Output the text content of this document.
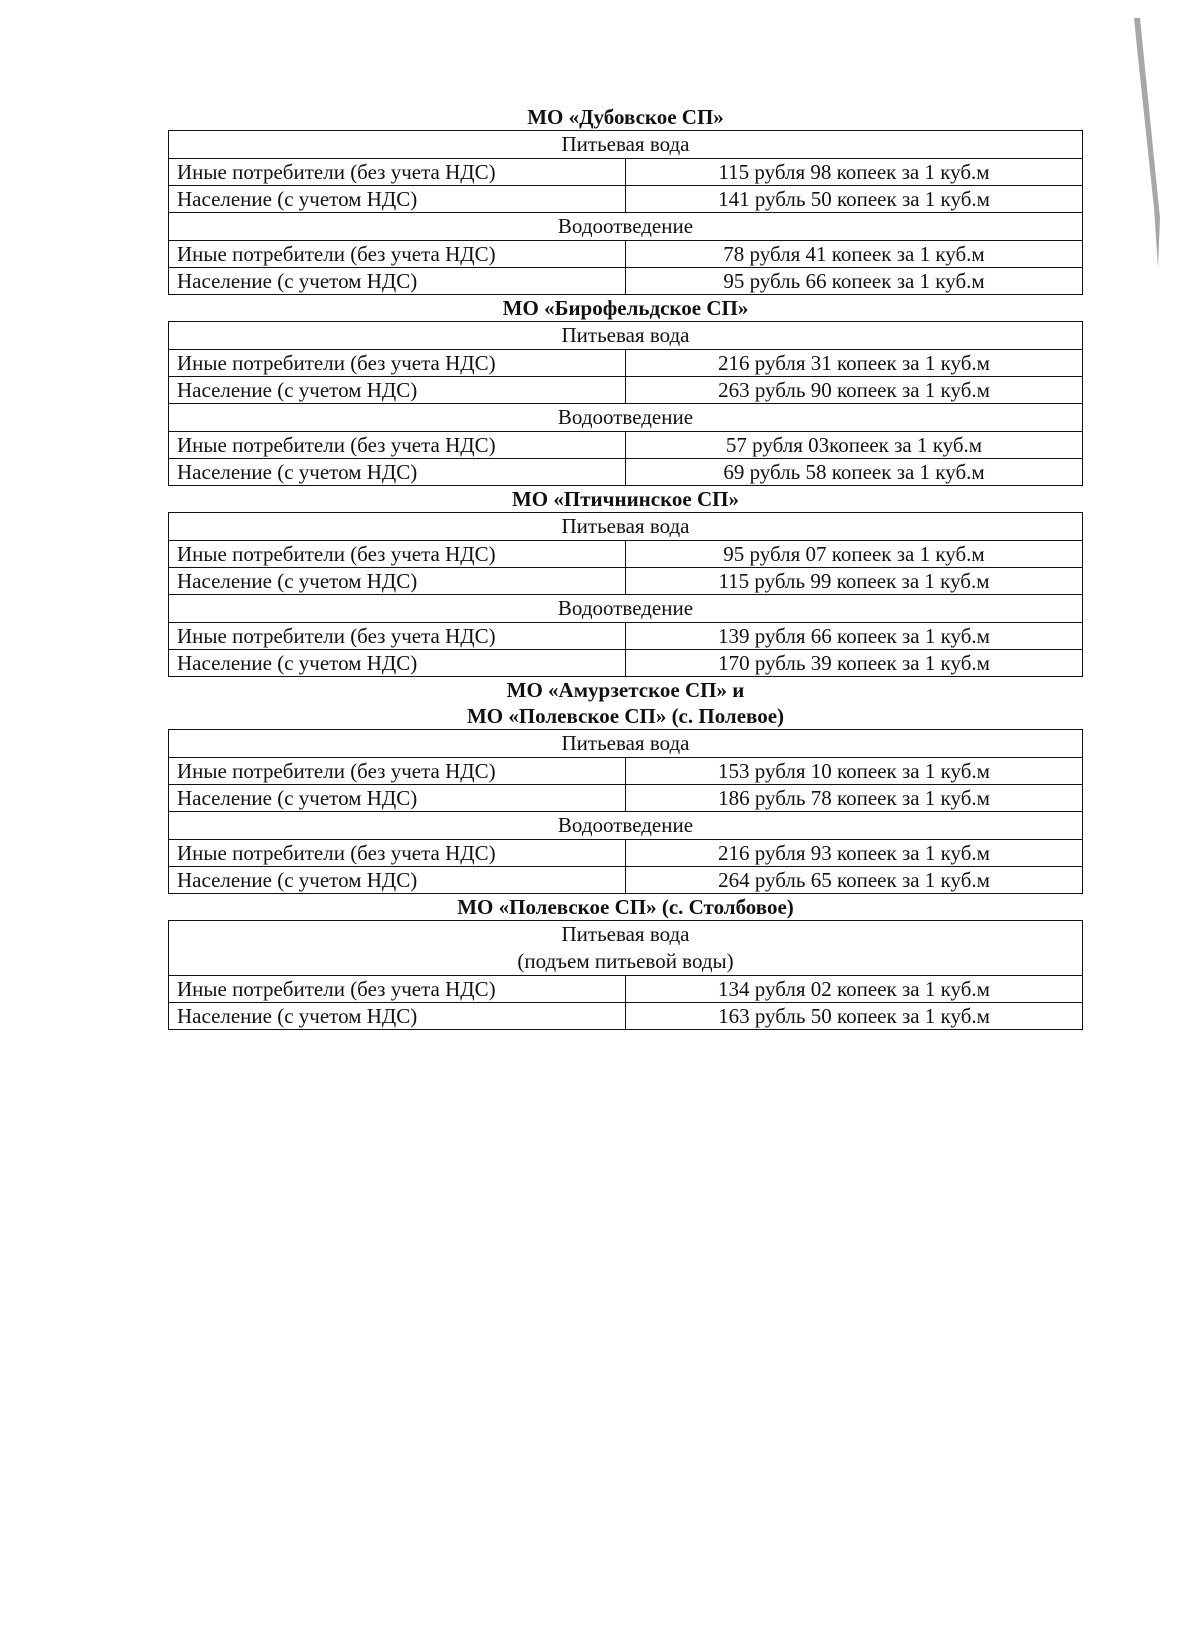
МО «Дубовское СП»
Питьевая вода	

Иные потребители (без учета НДС)	115 рубля 98 копеек за 1 куб.м
Население (с учетом НДС)	141 рубль 50 копеек за 1 куб.м

Водоотведение	

Иные потребители (без учета НДС)	78 рубля 41 копеек за 1 куб.м
Население (с учетом НДС)	95 рубль 66 копеек за 1 куб.м
МО «Бирофельдское СП»
Питьевая вода	

Иные потребители (без учета НДС)	216 рубля 31 копеек за 1 куб.м
Население (с учетом НДС)	263 рубль 90 копеек за 1 куб.м

Водоотведение	

Иные потребители (без учета НДС)	57 рубля 03копеек за 1 куб.м
Население (с учетом НДС)	69 рубль 58 копеек за 1 куб.м
МО «Птичнинское СП»
Питьевая вода	

Иные потребители (без учета НДС)	95 рубля 07 копеек за 1 куб.м
Население (с учетом НДС)	115 рубль 99 копеек за 1 куб.м

Водоотведение	

Иные потребители (без учета НДС)	139 рубля 66 копеек за 1 куб.м
Население (с учетом НДС)	170 рубль 39 копеек за 1 куб.м
МО «Амурзетское СП» и
МО «Полевское СП» (с. Полевое)
Питьевая вода	

Иные потребители (без учета НДС)	153 рубля 10 копеек за 1 куб.м
Население (с учетом НДС)	186 рубль 78 копеек за 1 куб.м

Водоотведение	

Иные потребители (без учета НДС)	216 рубля 93 копеек за 1 куб.м
Население (с учетом НДС)	264 рубль 65 копеек за 1 куб.м
МО «Полевское СП» (с. Столбовое)
Питьевая вода
(подъем питьевой воды)	

Иные потребители (без учета НДС)	134 рубля 02 копеек за 1 куб.м
Население (с учетом НДС)	163 рубль 50 копеек за 1 куб.м
